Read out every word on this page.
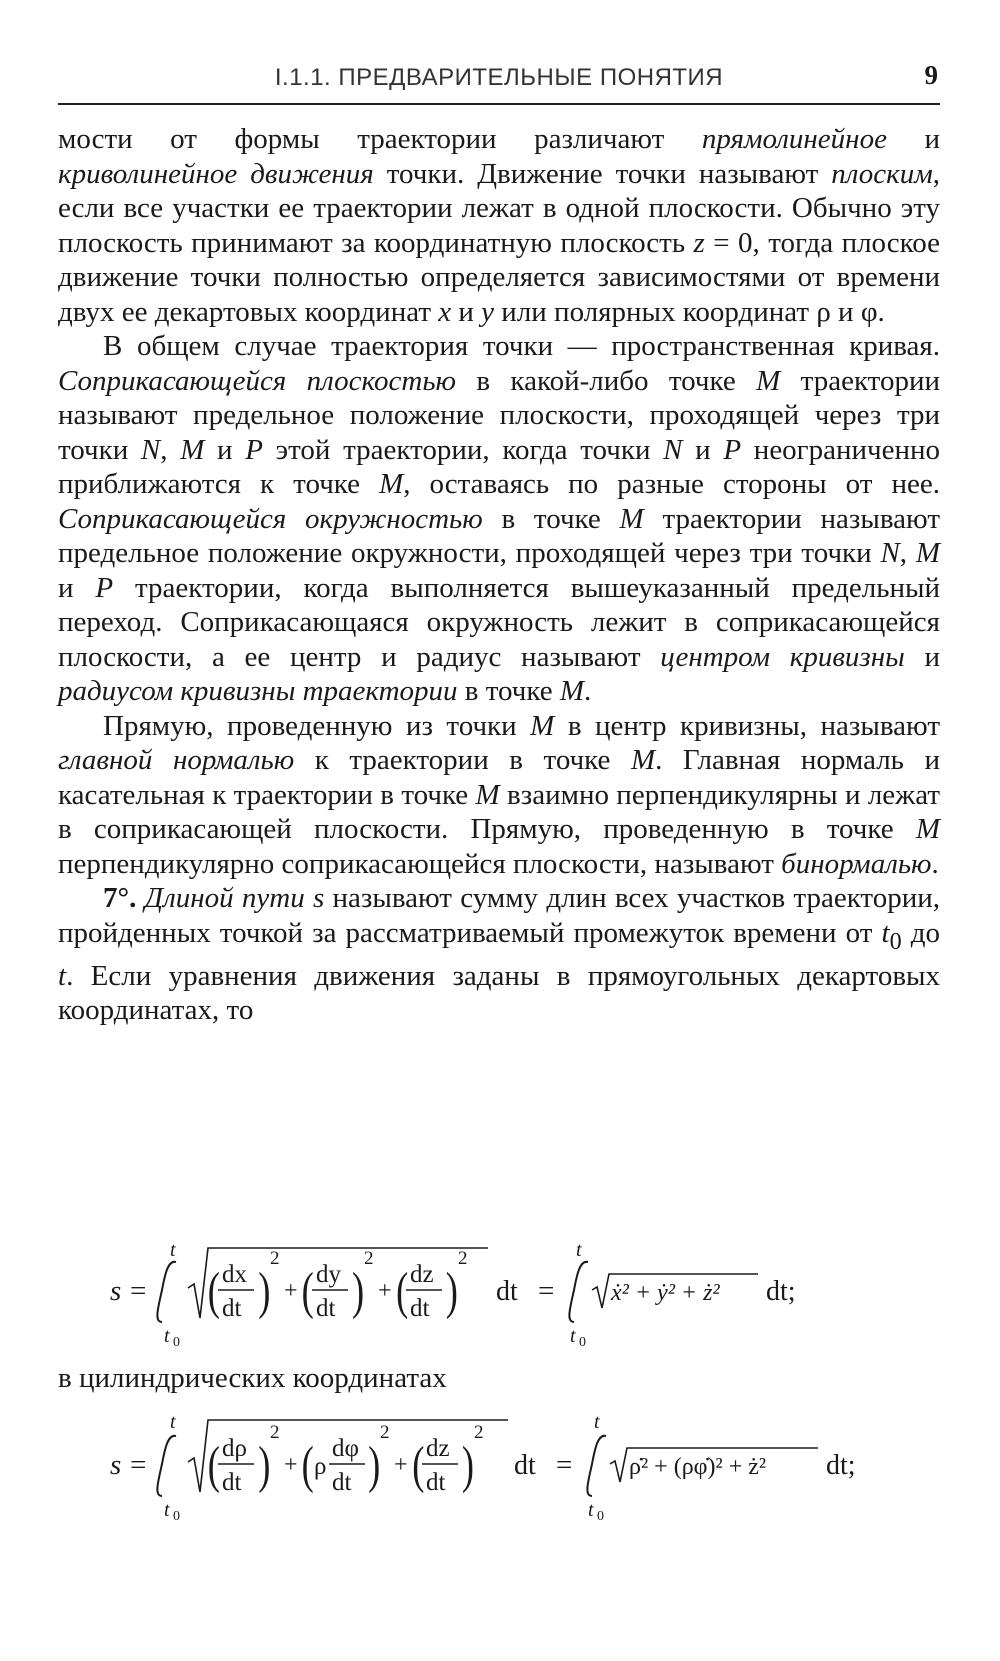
I.1.1. ПРЕДВАРИТЕЛЬНЫЕ ПОНЯТИЯ	9

мости от формы траектории различают прямолинейное и криволинейное движения точки. Движение точки называют плоским, если все участки ее траектории лежат в одной плоскости. Обычно эту плоскость принимают за координатную плоскость z = 0, тогда плоское движение точки полностью определяется зависимостями от времени двух ее декартовых координат x и y или полярных координат ρ и φ.

В общем случае траектория точки — пространственная кривая. Соприкасающейся плоскостью в какой-либо точке M траектории называют предельное положение плоскости, проходящей через три точки N, M и P этой траектории, когда точки N и P неограниченно приближаются к точке M, оставаясь по разные стороны от нее. Соприкасающейся окружностью в точке M траектории называют предельное положение окружности, проходящей через три точки N, M и P траектории, когда выполняется вышеуказанный предельный переход. Соприкасающаяся окружность лежит в соприкасающейся плоскости, а ее центр и радиус называют центром кривизны и радиусом кривизны траектории в точке M.

Прямую, проведенную из точки M в центр кривизны, называют главной нормалью к траектории в точке M. Главная нормаль и касательная к траектории в точке M взаимно перпендикулярны и лежат в соприкасающей плоскости. Прямую, проведенную в точке M перпендикулярно соприкасающейся плоскости, называют бинормалью.

7°. Длиной пути s называют сумму длин всех участков траектории, пройденных точкой за рассматриваемый промежуток времени от $t_0$ до t. Если уравнения движения заданы в прямоугольных декартовых координатах, то

s =
t
t 0
( dx
dt )
2
+ ( dy
dt )
2
+ ( dz
dt )
2
dt =
t
t 0
ẋ² + ẏ² + ż² dt;
в цилиндрических координатах
s =
t
t 0
( dρ
dt )
2
+ ( ρ
dφ
dt )
2
+ ( dz
dt )
2
dt =
t
t 0
ρ̇² + (ρφ̇)² + ż² dt;
